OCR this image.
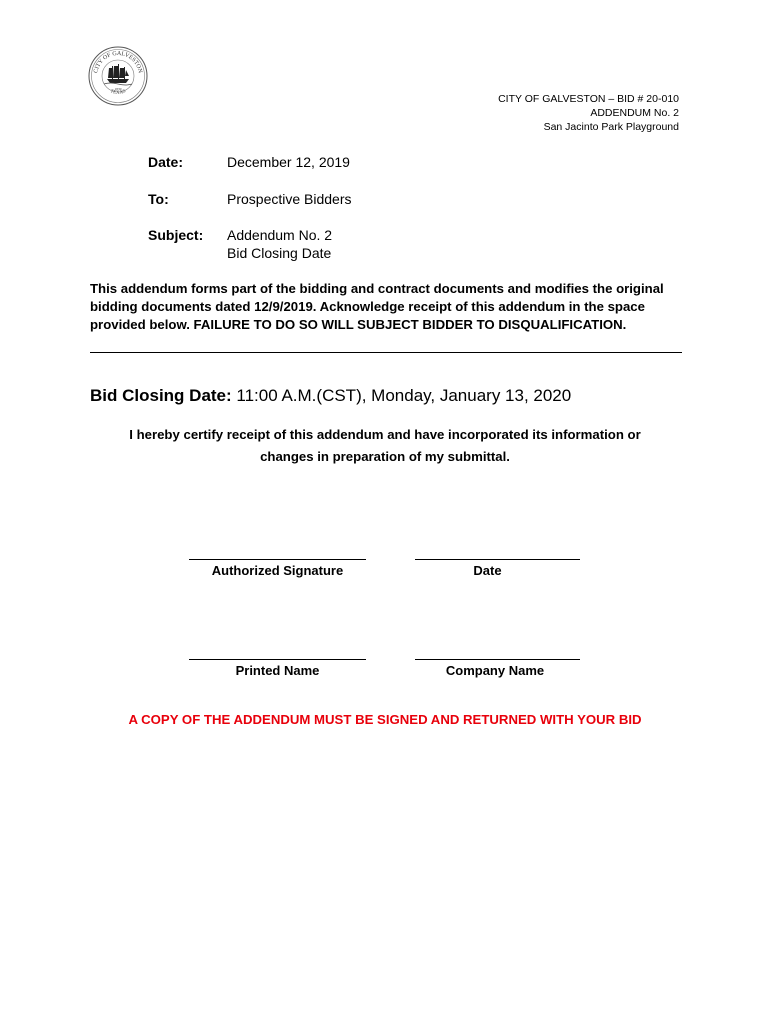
CITY OF GALVESTON
TEXAS
1839
CITY OF GALVESTON – BID # 20-010
ADDENDUM No. 2
San Jacinto Park Playground
Date:	December 12, 2019
To:	Prospective Bidders
Subject: Addendum No. 2
Bid Closing Date
This addendum forms part of the bidding and contract documents and modifies the original bidding documents dated 12/9/2019. Acknowledge receipt of this addendum in the space provided below. FAILURE TO DO SO WILL SUBJECT BIDDER TO DISQUALIFICATION.
Bid Closing Date: 11:00 A.M.(CST), Monday, January 13, 2020
I hereby certify receipt of this addendum and have incorporated its information or
changes in preparation of my submittal.
Authorized Signature	Date
Printed Name	Company Name
A COPY OF THE ADDENDUM MUST BE SIGNED AND RETURNED WITH YOUR BID
